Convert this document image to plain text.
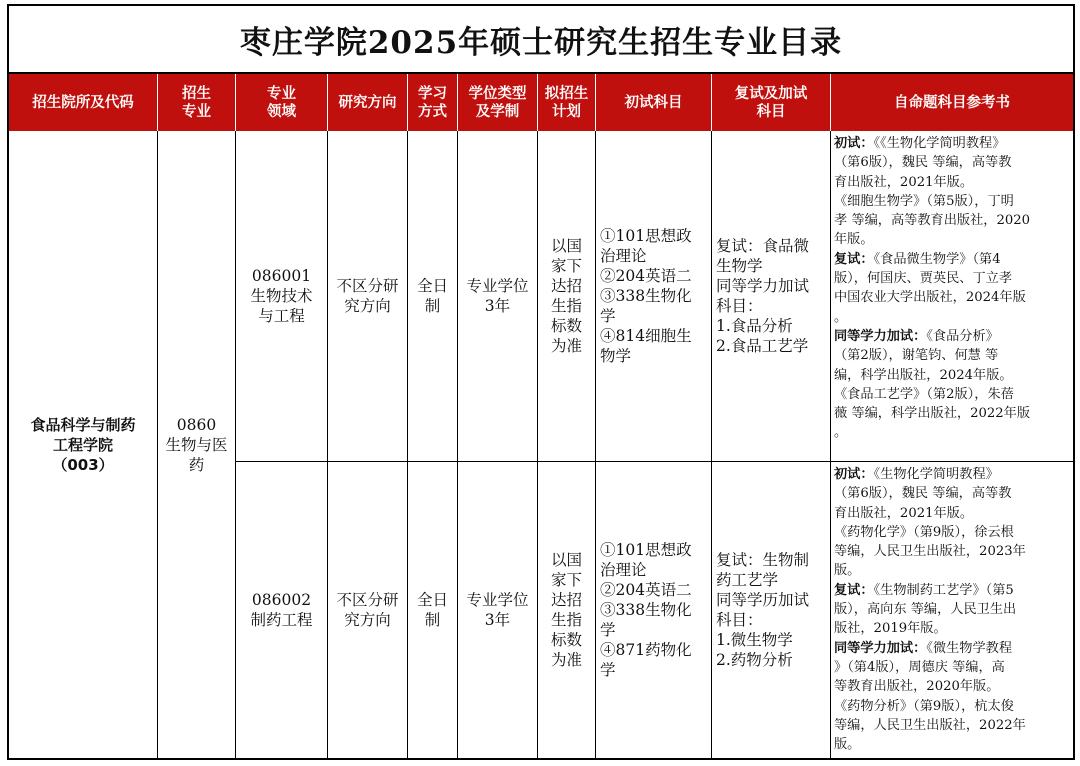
枣庄学院2025年硕士研究生招生专业目录
招生院所及代码
招生
专业
专业
领域
研究方向
学习
方式
学位类型
及学制
拟招生
计划
初试科目
复试及加试
科目
自命题科目参考书
食品科学与制药
工程学院
（003）
0860
生物与医
药
086001
生物技术
与工程
不区分研
究方向
全日
制
专业学位
3年
以国
家下
达招
生指
标数
为准
①101思想政
治理论
②204英语二
③338生物化
学
④814细胞生
物学
复试：食品微
生物学
同等学力加试
科目：
1.食品分析
2.食品工艺学
初试：《《生物化学简明教程》
（第6版），魏民 等编，高等教
育出版社，2021年版。
《细胞生物学》（第5版），丁明
孝 等编，高等教育出版社，2020
年版。
复试：《食品微生物学》（第4
版），何国庆、贾英民、丁立孝
中国农业大学出版社，2024年版
。
同等学力加试：《食品分析》
（第2版），谢笔钧、何慧 等
编，科学出版社，2024年版。
《食品工艺学》（第2版），朱蓓
薇 等编，科学出版社，2022年版
。
086002
制药工程
不区分研
究方向
全日
制
专业学位
3年
以国
家下
达招
生指
标数
为准
①101思想政
治理论
②204英语二
③338生物化
学
④871药物化
学
复试：生物制
药工艺学
同等学历加试
科目：
1.微生物学
2.药物分析
初试：《生物化学简明教程》
（第6版），魏民 等编，高等教
育出版社，2021年版。
《药物化学》（第9版），徐云根
等编，人民卫生出版社，2023年
版。
复试：《生物制药工艺学》（第5
版），高向东 等编，人民卫生出
版社，2019年版。
同等学力加试：《微生物学教程
》（第4版），周德庆 等编，高
等教育出版社，2020年版。
《药物分析》（第9版），杭太俊
等编，人民卫生出版社，2022年
版。
